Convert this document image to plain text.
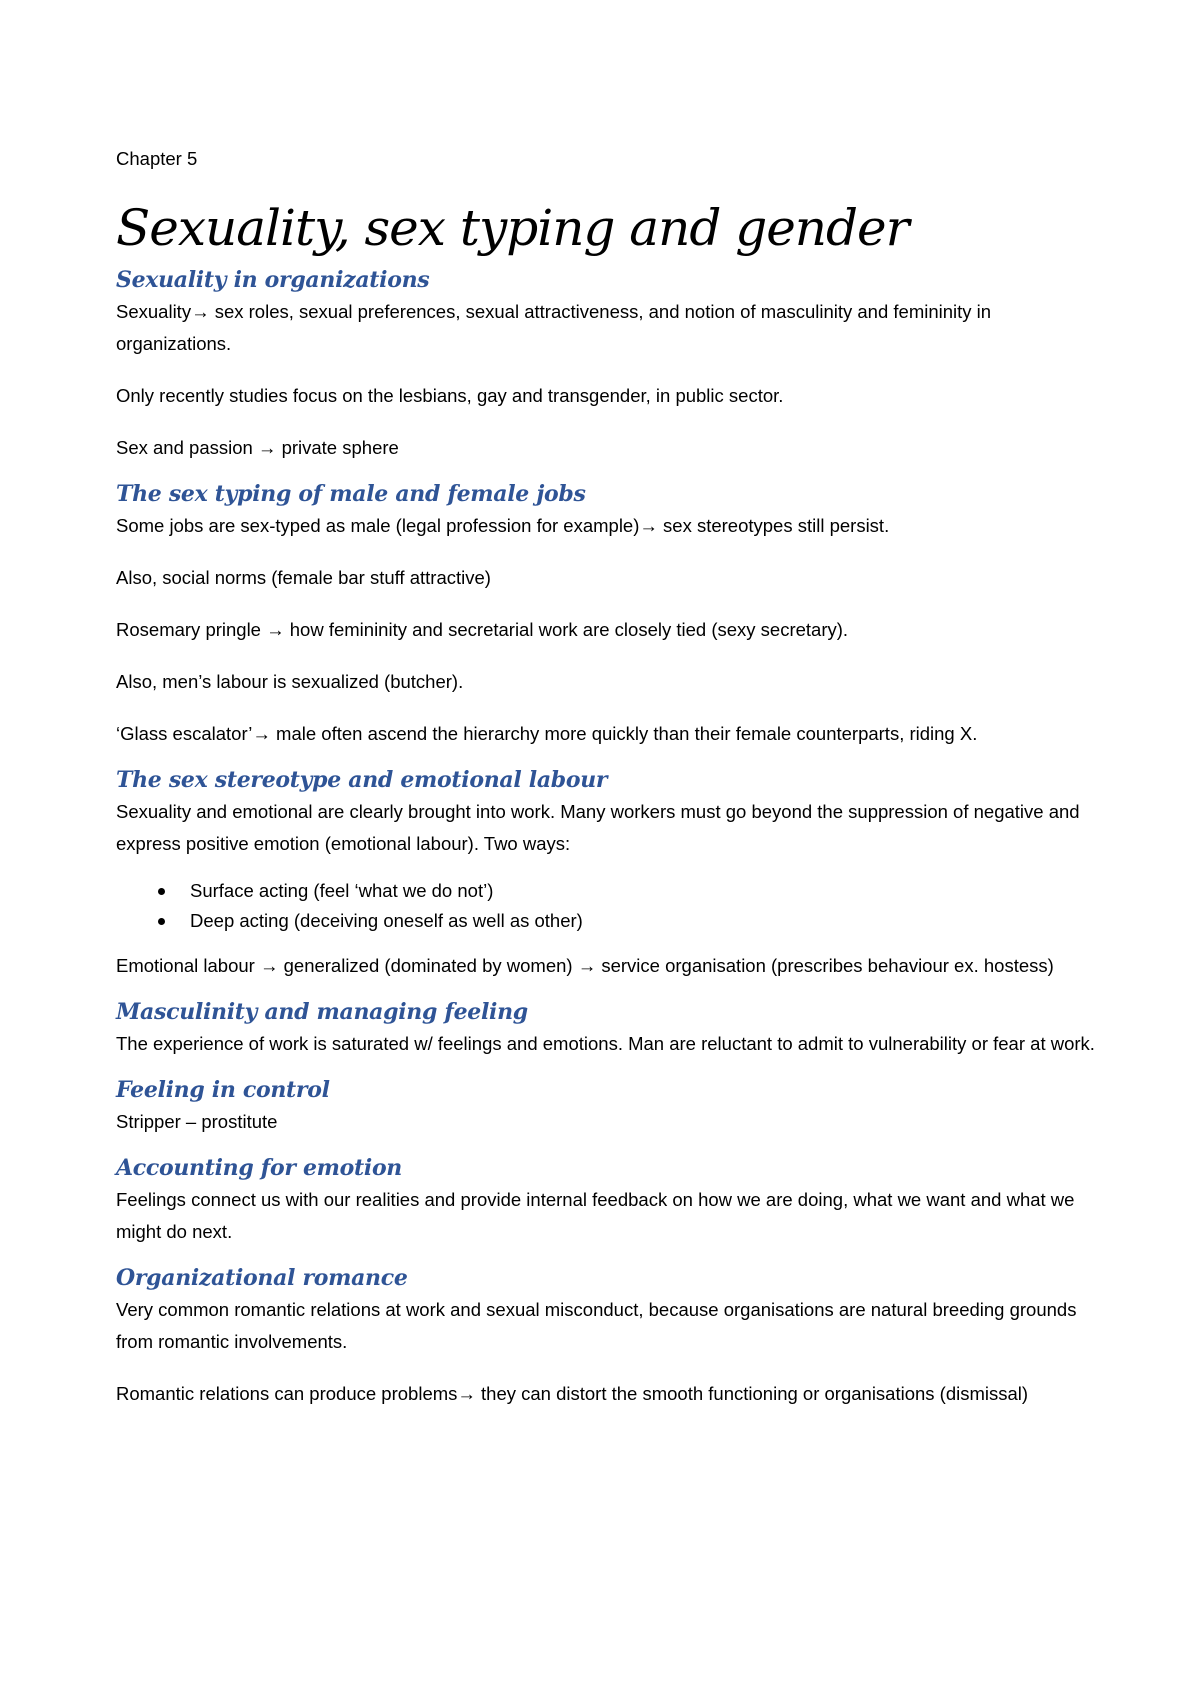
Chapter 5
Sexuality, sex typing and gender
Sexuality in organizations

Sexuality→ sex roles, sexual preferences, sexual attractiveness, and notion of masculinity and femininity in organizations.

Only recently studies focus on the lesbians, gay and transgender, in public sector.

Sex and passion → private sphere

The sex typing of male and female jobs

Some jobs are sex-typed as male (legal profession for example)→ sex stereotypes still persist.

Also, social norms (female bar stuff attractive)

Rosemary pringle → how femininity and secretarial work are closely tied (sexy secretary).

Also, men’s labour is sexualized (butcher).

‘Glass escalator’→ male often ascend the hierarchy more quickly than their female counterparts, riding X.

The sex stereotype and emotional labour

Sexuality and emotional are clearly brought into work. Many workers must go beyond the suppression of negative and express positive emotion (emotional labour). Two ways:

Surface acting (feel ‘what we do not’)
Deep acting (deceiving oneself as well as other)

Emotional labour → generalized (dominated by women) → service organisation (prescribes behaviour ex. hostess)

Masculinity and managing feeling

The experience of work is saturated w/ feelings and emotions. Man are reluctant to admit to vulnerability or fear at work.

Feeling in control

Stripper – prostitute

Accounting for emotion

Feelings connect us with our realities and provide internal feedback on how we are doing, what we want and what we might do next.

Organizational romance

Very common romantic relations at work and sexual misconduct, because organisations are natural breeding grounds from romantic involvements.

Romantic relations can produce problems→ they can distort the smooth functioning or organisations (dismissal)
